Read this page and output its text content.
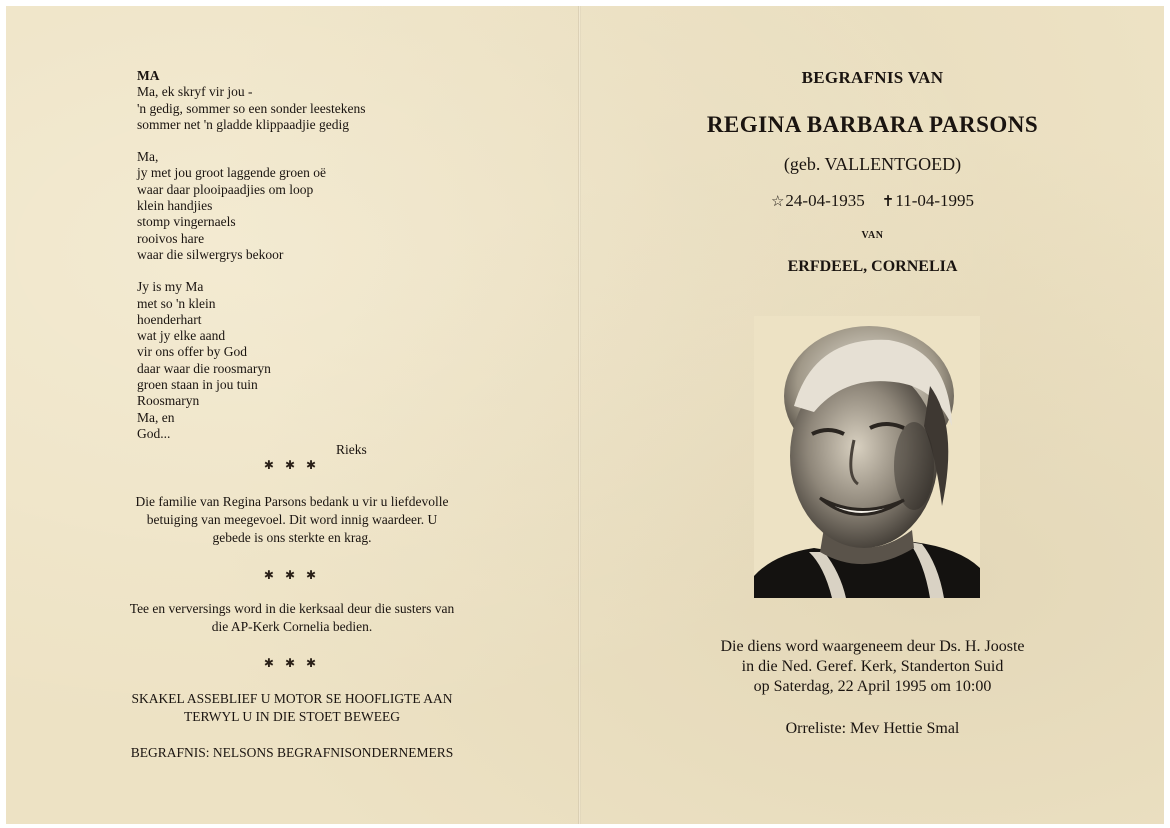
MA
Ma, ek skryf vir jou -
'n gedig, sommer so een sonder leestekens
sommer net 'n gladde klippaadjie gedig
Ma,
jy met jou groot laggende groen oë
waar daar plooipaadjies om loop
klein handjies
stomp vingernaels
rooivos hare
waar die silwergrys bekoor
Jy is my Ma
met so 'n klein
hoenderhart
wat jy elke aand
vir ons offer by God
daar waar die roosmaryn
groen staan in jou tuin
Roosmaryn
Ma, en
God...
Rieks
✱ ✱ ✱
Die familie van Regina Parsons bedank u vir u liefdevolle
betuiging van meegevoel. Dit word innig waardeer. U
gebede is ons sterkte en krag.
✱ ✱ ✱
Tee en verversings word in die kerksaal deur die susters van
die AP-Kerk Cornelia bedien.
✱ ✱ ✱
SKAKEL ASSEBLIEF U MOTOR SE HOOFLIGTE AAN
TERWYL U IN DIE STOET BEWEEG
BEGRAFNIS: NELSONS BEGRAFNISONDERNEMERS
BEGRAFNIS VAN
REGINA BARBARA PARSONS
(geb. VALLENTGOED)
☆24-04-1935 ✝11-04-1995
VAN
ERFDEEL, CORNELIA
Die diens word waargeneem deur Ds. H. Jooste
in die Ned. Geref. Kerk, Standerton Suid
op Saterdag, 22 April 1995 om 10:00
Orreliste: Mev Hettie Smal
